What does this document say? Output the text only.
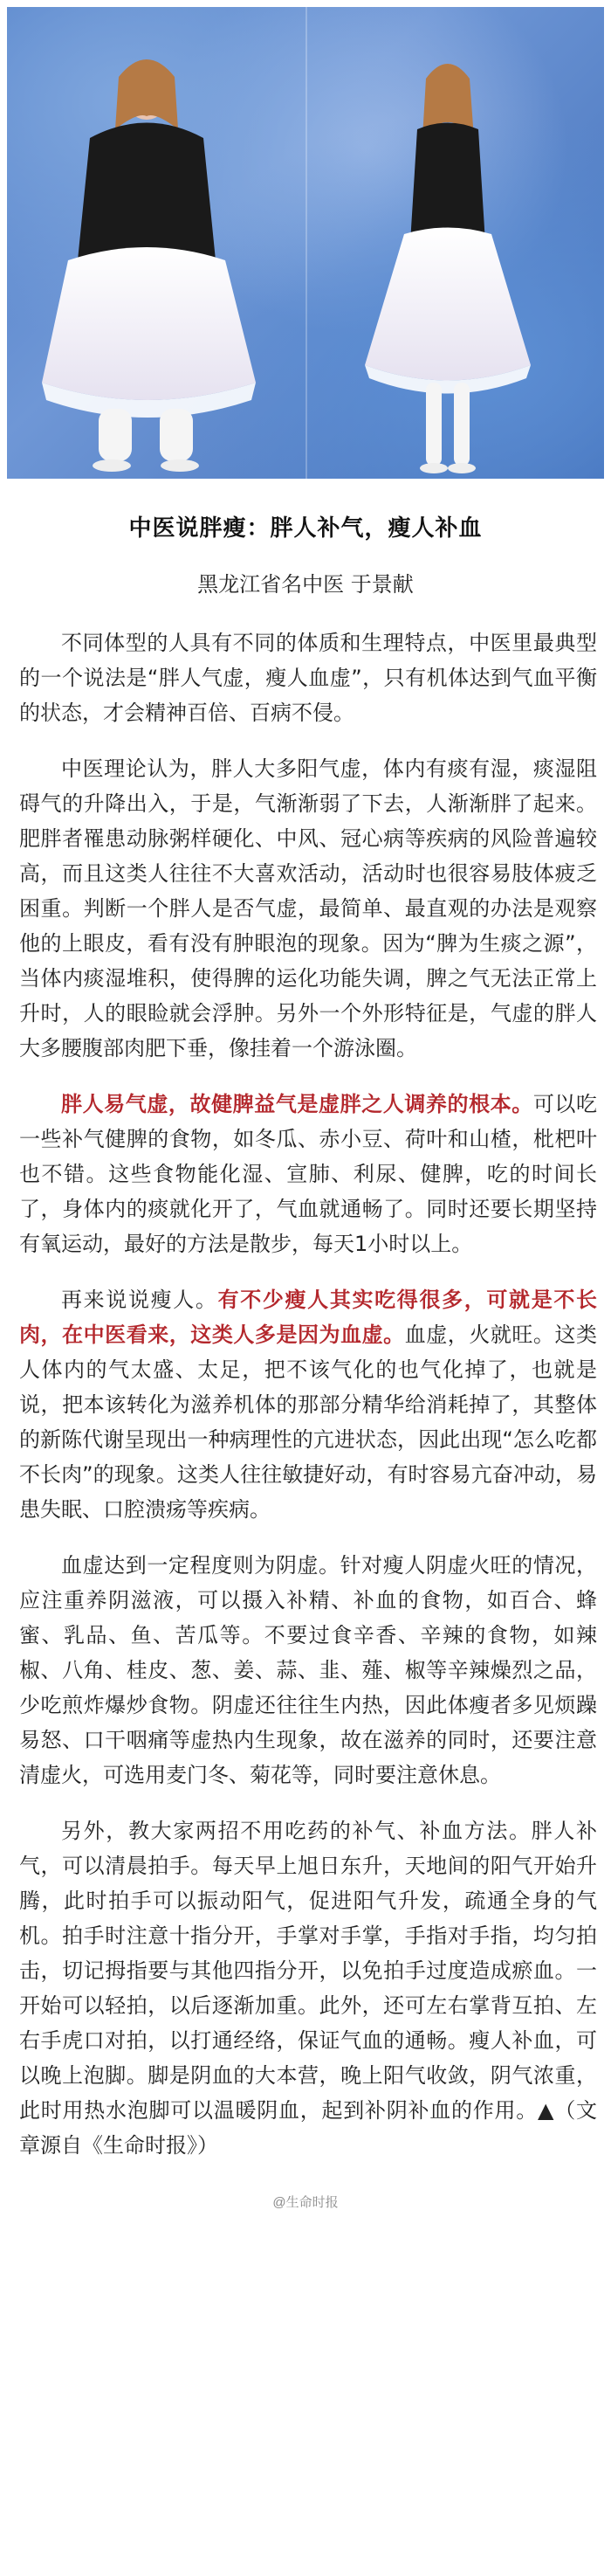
中医说胖瘦：胖人补气，瘦人补血
黑龙江省名中医 于景献

不同体型的人具有不同的体质和生理特点，中医里最典型的一个说法是“胖人气虚，瘦人血虚”，只有机体达到气血平衡的状态，才会精神百倍、百病不侵。

中医理论认为，胖人大多阳气虚，体内有痰有湿，痰湿阻碍气的升降出入，于是，气渐渐弱了下去，人渐渐胖了起来。肥胖者罹患动脉粥样硬化、中风、冠心病等疾病的风险普遍较高，而且这类人往往不大喜欢活动，活动时也很容易肢体疲乏困重。判断一个胖人是否气虚，最简单、最直观的办法是观察他的上眼皮，看有没有肿眼泡的现象。因为“脾为生痰之源”，当体内痰湿堆积，使得脾的运化功能失调，脾之气无法正常上升时，人的眼睑就会浮肿。另外一个外形特征是，气虚的胖人大多腰腹部肉肥下垂，像挂着一个游泳圈。

胖人易气虚，故健脾益气是虚胖之人调养的根本。可以吃一些补气健脾的食物，如冬瓜、赤小豆、荷叶和山楂，枇杷叶也不错。这些食物能化湿、宣肺、利尿、健脾，吃的时间长了，身体内的痰就化开了，气血就通畅了。同时还要长期坚持有氧运动，最好的方法是散步，每天1小时以上。

再来说说瘦人。有不少瘦人其实吃得很多，可就是不长肉，在中医看来，这类人多是因为血虚。血虚，火就旺。这类人体内的气太盛、太足，把不该气化的也气化掉了，也就是说，把本该转化为滋养机体的那部分精华给消耗掉了，其整体的新陈代谢呈现出一种病理性的亢进状态，因此出现“怎么吃都不长肉”的现象。这类人往往敏捷好动，有时容易亢奋冲动，易患失眠、口腔溃疡等疾病。

血虚达到一定程度则为阴虚。针对瘦人阴虚火旺的情况，应注重养阴滋液，可以摄入补精、补血的食物，如百合、蜂蜜、乳品、鱼、苦瓜等。不要过食辛香、辛辣的食物，如辣椒、八角、桂皮、葱、姜、蒜、韭、薤、椒等辛辣燥烈之品，少吃煎炸爆炒食物。阴虚还往往生内热，因此体瘦者多见烦躁易怒、口干咽痛等虚热内生现象，故在滋养的同时，还要注意清虚火，可选用麦门冬、菊花等，同时要注意休息。

另外，教大家两招不用吃药的补气、补血方法。胖人补气，可以清晨拍手。每天早上旭日东升，天地间的阳气开始升腾，此时拍手可以振动阳气，促进阳气升发，疏通全身的气机。拍手时注意十指分开，手掌对手掌，手指对手指，均匀拍击，切记拇指要与其他四指分开，以免拍手过度造成瘀血。一开始可以轻拍，以后逐渐加重。此外，还可左右掌背互拍、左右手虎口对拍，以打通经络，保证气血的通畅。瘦人补血，可以晚上泡脚。脚是阴血的大本营，晚上阳气收敛，阴气浓重，此时用热水泡脚可以温暖阴血，起到补阴补血的作用。▲（文章源自《生命时报》）

@生命时报
